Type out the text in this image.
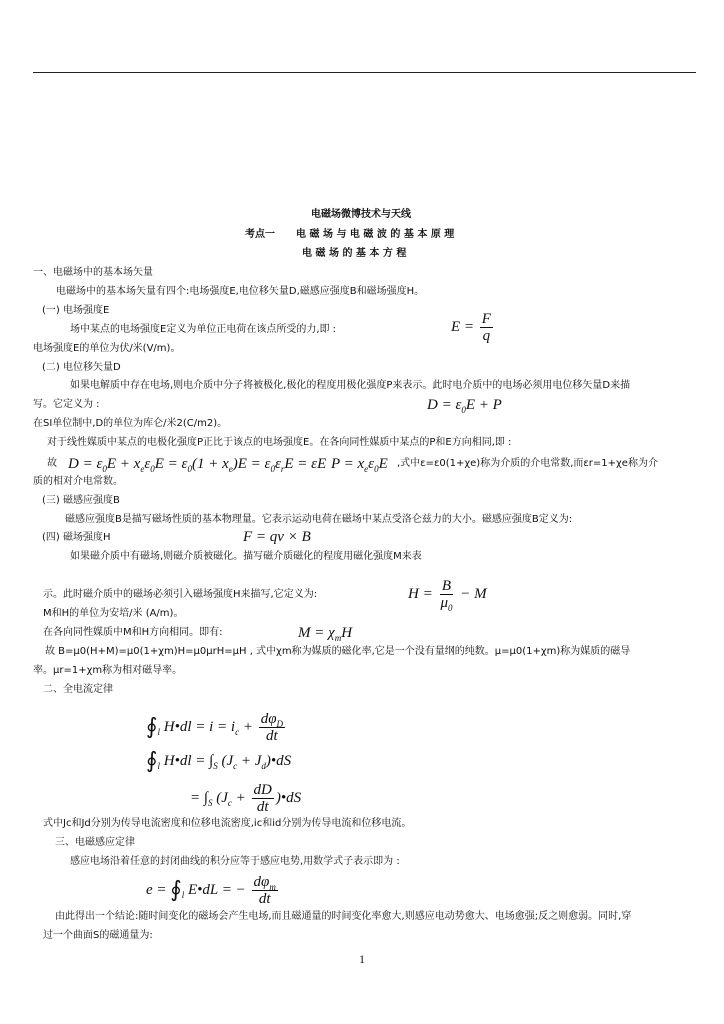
电磁场微博技术与天线
考点一 电 磁 场 与 电 磁 波 的 基 本 原 理
电 磁 场 的 基 本 方 程
一、电磁场中的基本场矢量
电磁场中的基本场矢量有四个:电场强度E,电位移矢量D,磁感应强度B和磁场强度H。
(一) 电场强度E
场中某点的电场强度E定义为单位正电荷在该点所受的力,即 :	$E = \frac{F}{q}$
电场强度E的单位为伏/米(V/m)。
(二) 电位移矢量D
如果电解质中存在电场,则电介质中分子将被极化,极化的程度用极化强度P来表示。此时电介质中的电场必须用电位移矢量D来描
写。它定义为 :	$D = \varepsilon_0E + P$
在SI单位制中,D的单位为库仑/米2(C/m2)。
对于线性媒质中某点的电极化强度P正比于该点的电场强度E。在各向同性媒质中某点的P和E方向相同,即 :
故 $D = \varepsilon_0E + x_e\varepsilon_0E = \varepsilon_0(1 + x_e)E = \varepsilon_0\varepsilon_rE = \varepsilon E$ $P = x_e\varepsilon_0E$ ,式中ε=ε0(1+χe)称为介质的介电常数,而εr=1+χe称为介
质的相对介电常数。
(三) 磁感应强度B
磁感应强度B是描写磁场性质的基本物理量。它表示运动电荷在磁场中某点受洛仑兹力的大小。磁感应强度B定义为:
(四) 磁场强度H	F = qv × B
如果磁介质中有磁场,则磁介质被磁化。描写磁介质磁化的程度用磁化强度M来表
示。此时磁介质中的磁场必须引入磁场强度H来描写,它定义为:	$H = \frac{B}{\mu_0} - M$
M和H的单位为安培/米 (A/m)。
在各向同性媒质中M和H方向相同。即有:	$M = \chi_mH$
故 B=μ0(H+M)=μ0(1+χm)H=μ0μrH=μH , 式中χm称为媒质的磁化率,它是一个没有量纲的纯数。μ=μ0(1+χm)称为媒质的磁导
率。μr=1+χm称为相对磁导率。
二、全电流定律
$∮_l$ H•dl = $i = i_c + \frac{d\varphi_D}{dt}$
$∮_l$ H•dl = $\int_S$ ($J_c$ + $J_d)•dS$
= $\int_S$ ($J_c + \frac{dD}{dt}$ )•dS
式中Jc和Jd分别为传导电流密度和位移电流密度,ic和id分别为传导电流和位移电流。
三、电磁感应定律
感应电场沿着任意的封闭曲线的积分应等于感应电势,用数学式子表示即为 :
$e = ∮_l$ E•dL = − $\frac{d\varphi_m}{dt}$
由此得出一个结论:随时间变化的磁场会产生电场,而且磁通量的时间变化率愈大,则感应电动势愈大、电场愈强;反之则愈弱。同时,穿
过一个曲面S的磁通量为:
1
